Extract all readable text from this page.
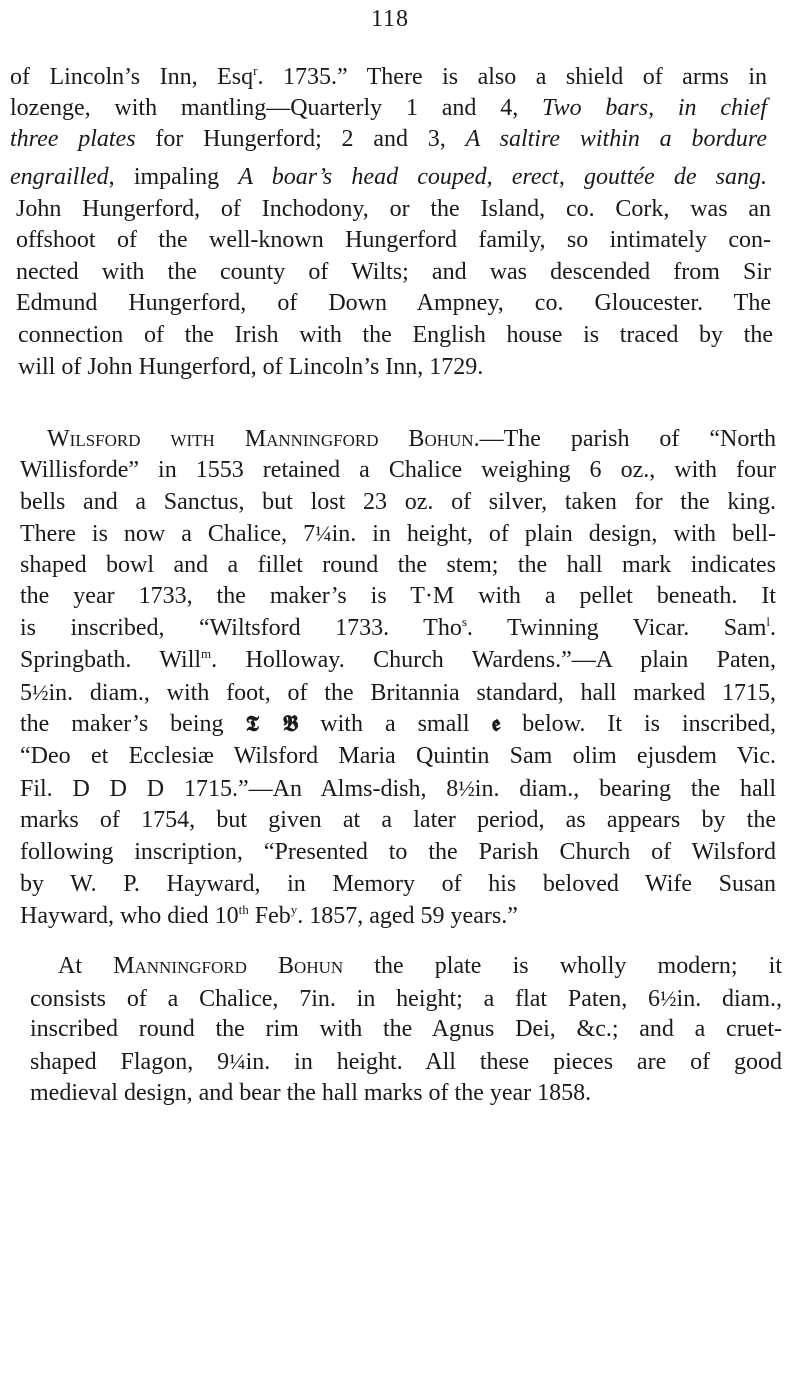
118
of Lincoln’s Inn, Esq$^r$. 1735.” There is also a shield of arms in
lozenge, with mantling—Quarterly 1 and 4, Two bars, in chief
three plates for Hungerford; 2 and 3, A saltire within a bordure
engrailled, impaling A boar’s head couped, erect, gouttée de sang.
John Hungerford, of Inchodony, or the Island, co. Cork, was an
offshoot of the well-known Hungerford family, so intimately con-
nected with the county of Wilts; and was descended from Sir
Edmund Hungerford, of Down Ampney, co. Gloucester. The
connection of the Irish with the English house is traced by the
will of John Hungerford, of Lincoln’s Inn, 1729.
Wilsford with Manningford Bohun.—The parish of “North
Willisforde” in 1553 retained a Chalice weighing 6 oz., with four
bells and a Sanctus, but lost 23 oz. of silver, taken for the king.
There is now a Chalice, 7¼in. in height, of plain design, with bell-
shaped bowl and a fillet round the stem; the hall mark indicates
the year 1733, the maker’s is T·M with a pellet beneath. It
is inscribed, “Wiltsford 1733. Tho$^s$. Twinning Vicar. Sam$^l$.
Springbath. Will$^m$. Holloway. Church Wardens.”—A plain Paten,
5½in. diam., with foot, of the Britannia standard, hall marked 1715,
the maker’s being 𝕿 𝕭 with a small 𝖊 below. It is inscribed,
“Deo et Ecclesiæ Wilsford Maria Quintin Sam olim ejusdem Vic.
Fil. D D D 1715.”—An Alms-dish, 8½in. diam., bearing the hall
marks of 1754, but given at a later period, as appears by the
following inscription, “Presented to the Parish Church of Wilsford
by W. P. Hayward, in Memory of his beloved Wife Susan
Hayward, who died 10th Feb$^y$. 1857, aged 59 years.”
At Manningford Bohun the plate is wholly modern; it
consists of a Chalice, 7in. in height; a flat Paten, 6½in. diam.,
inscribed round the rim with the Agnus Dei, &c.; and a cruet-
shaped Flagon, 9¼in. in height. All these pieces are of good
medieval design, and bear the hall marks of the year 1858.
